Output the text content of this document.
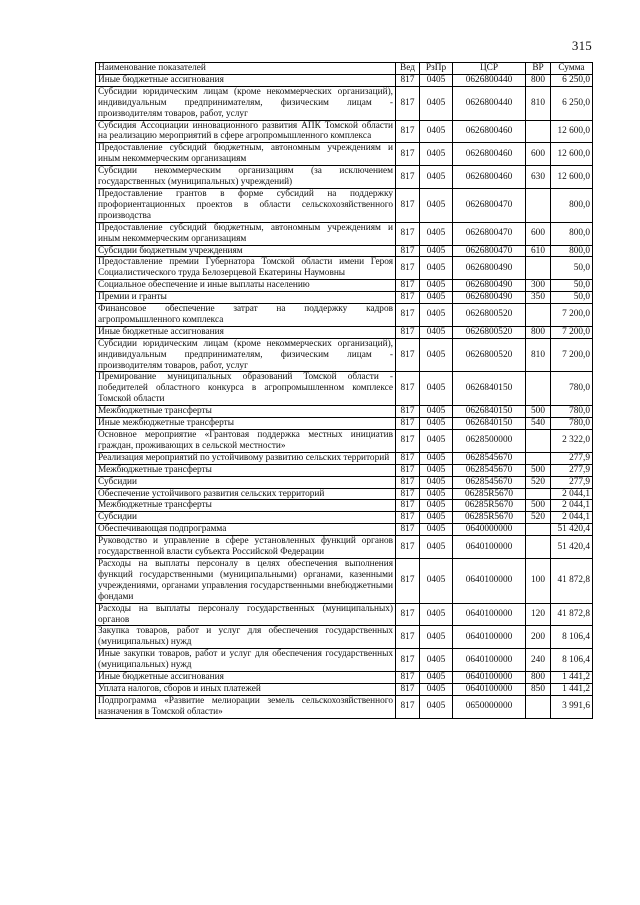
315
Наименование показателей	Вед	РзПр	ЦСР	ВР	Сумма
Иные бюджетные ассигнования	817	0405	0626800440	800	6 250,0
Субсидии юридическим лицам (кроме некоммерческих организаций), индивидуальным предпринимателям, физическим лицам - производителям товаров, работ, услуг	817	0405	0626800440	810	6 250,0
Субсидия Ассоциации инновационного развития АПК Томской области на реализацию мероприятий в сфере агропромышленного комплекса	817	0405	0626800460		12 600,0
Предоставление субсидий бюджетным, автономным учреждениям и иным некоммерческим организациям	817	0405	0626800460	600	12 600,0
Субсидии некоммерческим организациям (за исключением государственных (муниципальных) учреждений)	817	0405	0626800460	630	12 600,0
Предоставление грантов в форме субсидий на поддержку профориентационных проектов в области сельскохозяйственного производства	817	0405	0626800470		800,0
Предоставление субсидий бюджетным, автономным учреждениям и иным некоммерческим организациям	817	0405	0626800470	600	800,0
Субсидии бюджетным учреждениям	817	0405	0626800470	610	800,0
Предоставление премии Губернатора Томской области имени Героя Социалистического труда Белозерцевой Екатерины Наумовны	817	0405	0626800490		50,0
Социальное обеспечение и иные выплаты населению	817	0405	0626800490	300	50,0
Премии и гранты	817	0405	0626800490	350	50,0
Финансовое обеспечение затрат на поддержку кадров агропромышленного комплекса	817	0405	0626800520		7 200,0
Иные бюджетные ассигнования	817	0405	0626800520	800	7 200,0
Субсидии юридическим лицам (кроме некоммерческих организаций), индивидуальным предпринимателям, физическим лицам - производителям товаров, работ, услуг	817	0405	0626800520	810	7 200,0
Премирование муниципальных образований Томской области - победителей областного конкурса в агропромышленном комплексе Томской области	817	0405	0626840150		780,0
Межбюджетные трансферты	817	0405	0626840150	500	780,0
Иные межбюджетные трансферты	817	0405	0626840150	540	780,0
Основное мероприятие «Грантовая поддержка местных инициатив граждан, проживающих в сельской местности»	817	0405	0628500000		2 322,0
Реализация мероприятий по устойчивому развитию сельских территорий	817	0405	0628545670		277,9
Межбюджетные трансферты	817	0405	0628545670	500	277,9
Субсидии	817	0405	0628545670	520	277,9
Обеспечение устойчивого развития сельских территорий	817	0405	06285R5670		2 044,1
Межбюджетные трансферты	817	0405	06285R5670	500	2 044,1
Субсидии	817	0405	06285R5670	520	2 044,1
Обеспечивающая подпрограмма	817	0405	0640000000		51 420,4
Руководство и управление в сфере установленных функций органов государственной власти субъекта Российской Федерации	817	0405	0640100000		51 420,4
Расходы на выплаты персоналу в целях обеспечения выполнения функций государственными (муниципальными) органами, казенными учреждениями, органами управления государственными внебюджетными фондами	817	0405	0640100000	100	41 872,8
Расходы на выплаты персоналу государственных (муниципальных) органов	817	0405	0640100000	120	41 872,8
Закупка товаров, работ и услуг для обеспечения государственных (муниципальных) нужд	817	0405	0640100000	200	8 106,4
Иные закупки товаров, работ и услуг для обеспечения государственных (муниципальных) нужд	817	0405	0640100000	240	8 106,4
Иные бюджетные ассигнования	817	0405	0640100000	800	1 441,2
Уплата налогов, сборов и иных платежей	817	0405	0640100000	850	1 441,2
Подпрограмма «Развитие мелиорации земель сельскохозяйственного назначения в Томской области»	817	0405	0650000000		3 991,6
